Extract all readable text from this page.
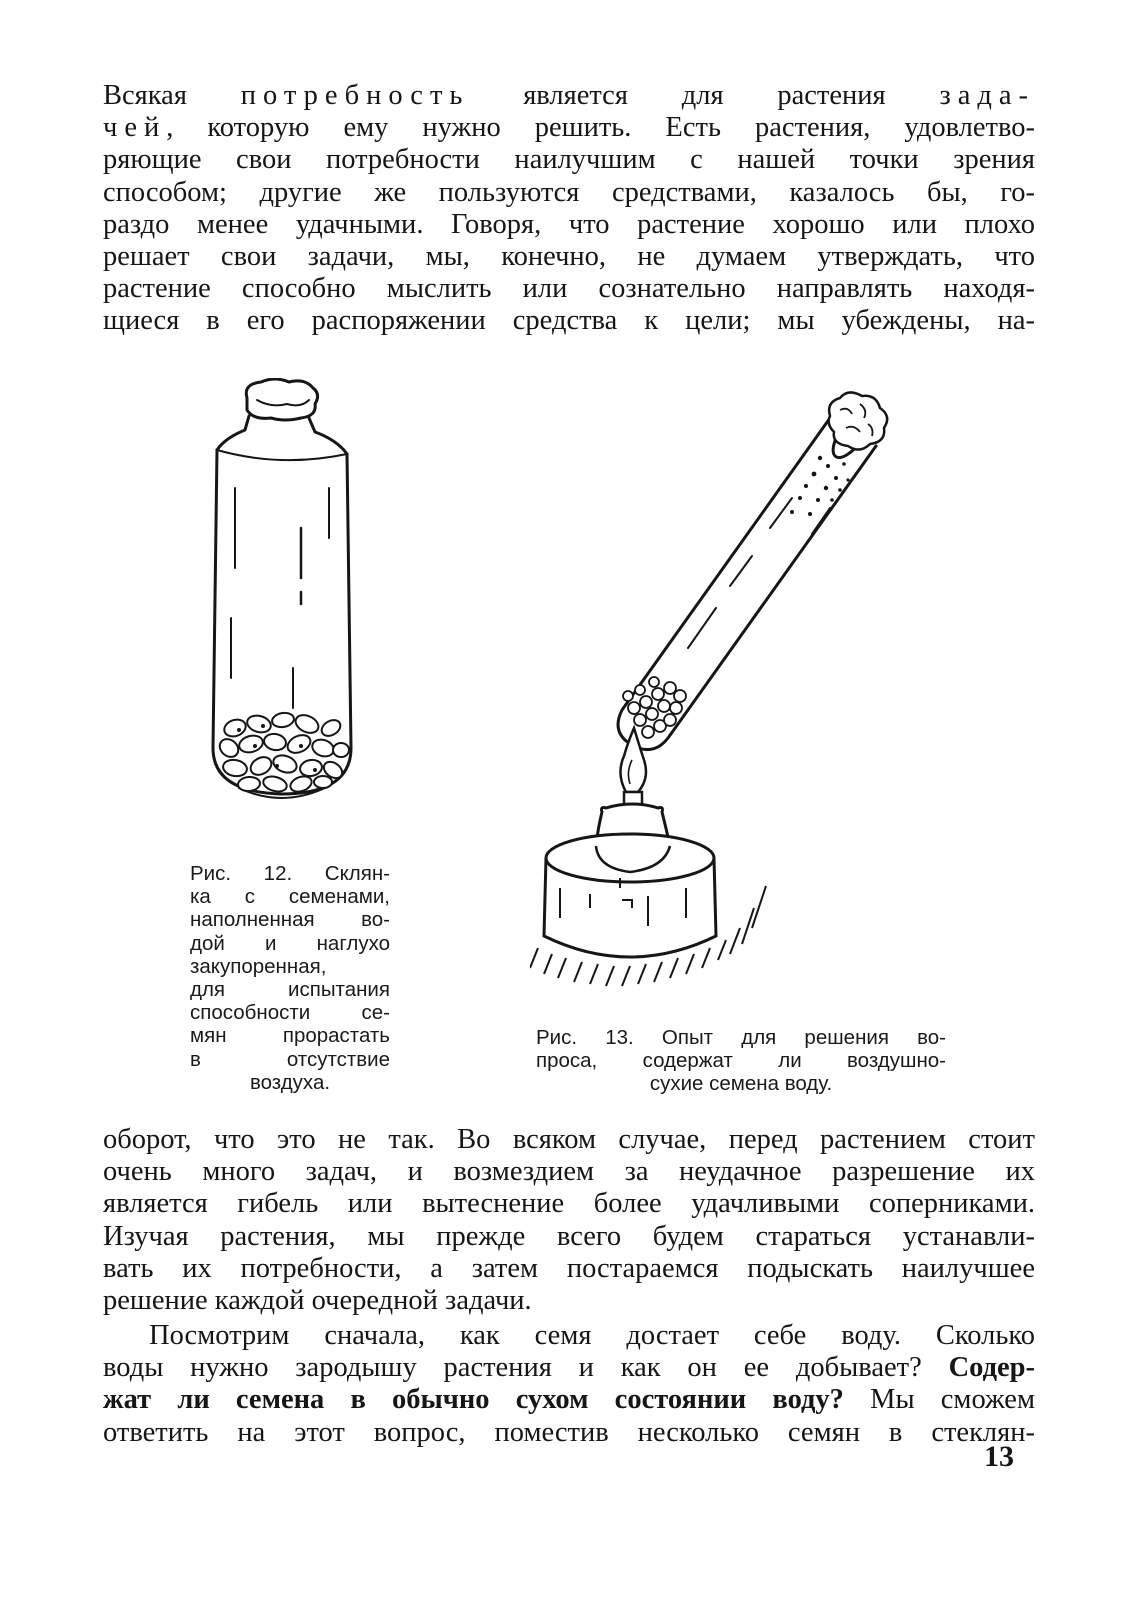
Всякая потребность является для растения зада-
чей, которую ему нужно решить. Есть растения, удовлетво-
ряющие свои потребности наилучшим с нашей точки зрения
способом; другие же пользуются средствами, казалось бы, го-
раздо менее удачными. Говоря, что растение хорошо или плохо
решает свои задачи, мы, конечно, не думаем утверждать, что
растение способно мыслить или сознательно направлять находя-
щиеся в его распоряжении средства к цели; мы убеждены, на-
Рис. 12. Склян-
ка с семенами,
наполненная во-
дой и наглухо
закупоренная,
для испытания
способности се-
мян прорастать
в отсутствие
воздуха.
Рис. 13. Опыт для решения во-
проса, содержат ли воздушно-
сухие семена воду.
оборот, что это не так. Во всяком случае, перед растением стоит
очень много задач, и возмездием за неудачное разрешение их
является гибель или вытеснение более удачливыми соперниками.
Изучая растения, мы прежде всего будем стараться устанавли-
вать их потребности, а затем постараемся подыскать наилучшее
решение каждой очередной задачи.
Посмотрим сначала, как семя достает себе воду. Сколько
воды нужно зародышу растения и как он ее добывает? Содер-
жат ли семена в обычно сухом состоянии воду? Мы сможем
ответить на этот вопрос, поместив несколько семян в стеклян-
13
